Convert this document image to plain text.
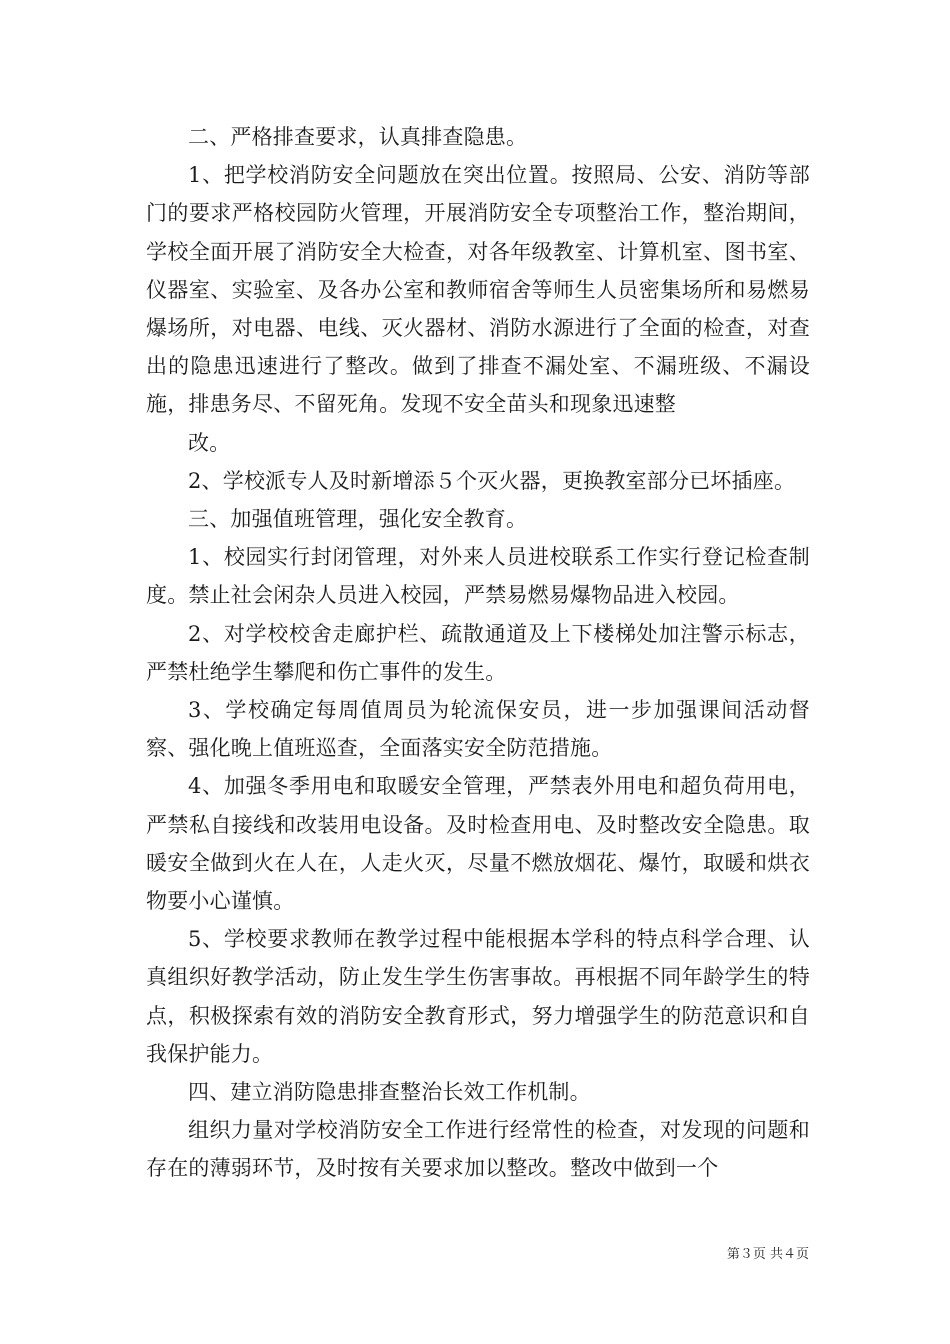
二、严格排查要求，认真排查隐患。

1、把学校消防安全问题放在突出位置。按照局、公安、消防等部门的要求严格校园防火管理，开展消防安全专项整治工作，整治期间，学校全面开展了消防安全大检查，对各年级教室、计算机室、图书室、仪器室、实验室、及各办公室和教师宿舍等师生人员密集场所和易燃易爆场所，对电器、电线、灭火器材、消防水源进行了全面的检查，对查出的隐患迅速进行了整改。做到了排查不漏处室、不漏班级、不漏设施，排患务尽、不留死角。发现不安全苗头和现象迅速整

改。

2、学校派专人及时新增添５个灭火器，更换教室部分已坏插座。

三、加强值班管理，强化安全教育。

1、校园实行封闭管理，对外来人员进校联系工作实行登记检查制度。禁止社会闲杂人员进入校园，严禁易燃易爆物品进入校园。

2、对学校校舍走廊护栏、疏散通道及上下楼梯处加注警示标志，严禁杜绝学生攀爬和伤亡事件的发生。

3、学校确定每周值周员为轮流保安员，进一步加强课间活动督察、强化晚上值班巡查，全面落实安全防范措施。

4、加强冬季用电和取暖安全管理，严禁表外用电和超负荷用电，严禁私自接线和改装用电设备。及时检查用电、及时整改安全隐患。取暖安全做到火在人在，人走火灭，尽量不燃放烟花、爆竹，取暖和烘衣物要小心谨慎。

5、学校要求教师在教学过程中能根据本学科的特点科学合理、认真组织好教学活动，防止发生学生伤害事故。再根据不同年龄学生的特点，积极探索有效的消防安全教育形式，努力增强学生的防范意识和自我保护能力。

四、建立消防隐患排查整治长效工作机制。

组织力量对学校消防安全工作进行经常性的检查，对发现的问题和存在的薄弱环节，及时按有关要求加以整改。整改中做到一个

第３页 共４页
